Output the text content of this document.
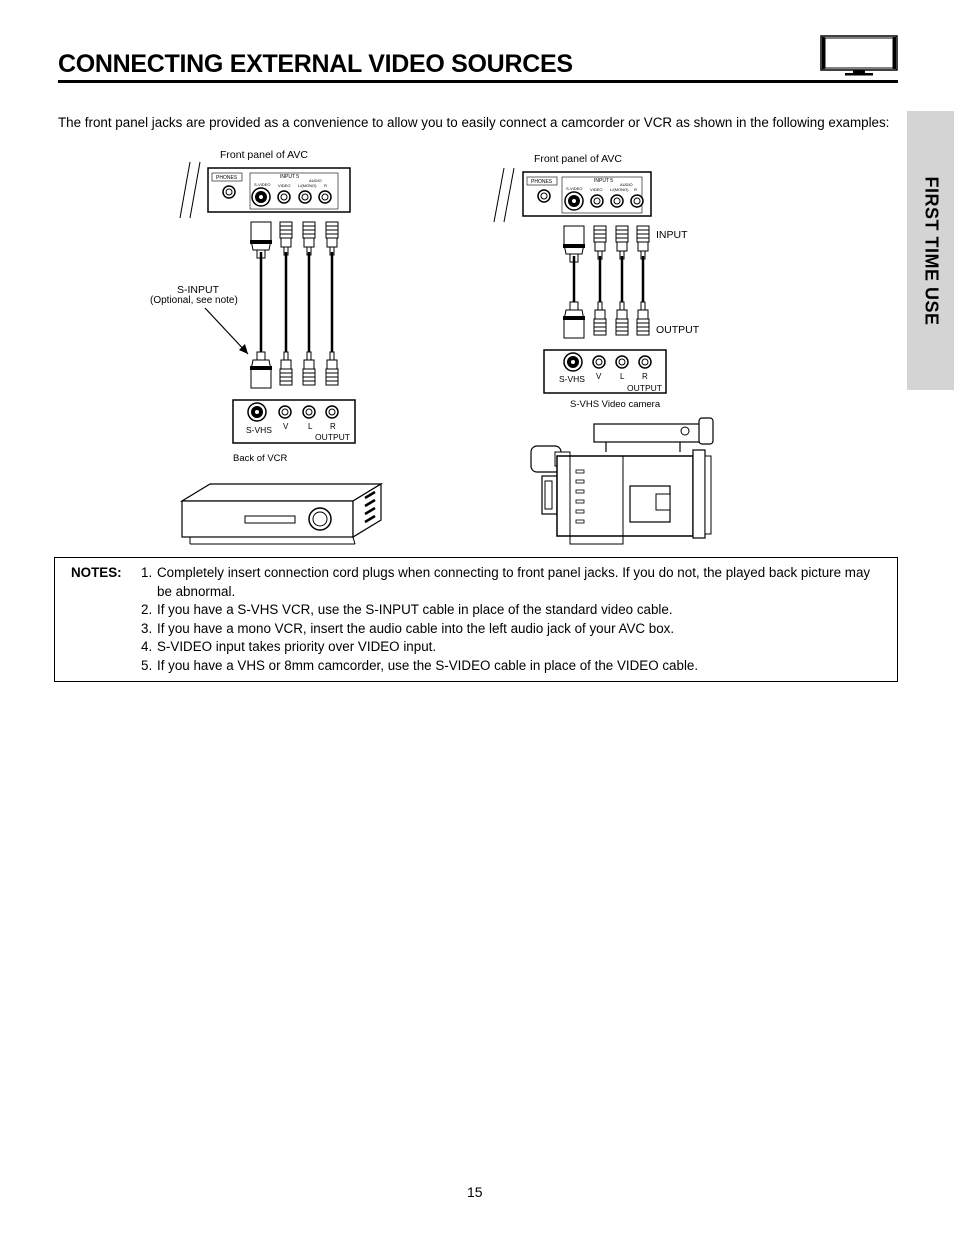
CONNECTING EXTERNAL VIDEO SOURCES
FIRST TIME USE
The front panel jacks are provided as a convenience to allow you to easily connect a camcorder or VCR as shown in the following examples:
Front panel of AVC
PHONES	INPUT 5
S-VIDEO VIDEO
AUDIO
L/(MONO) R
S-INPUT
(Optional, see note)
S-VHS V L R
OUTPUT
Back of VCR
Front panel of AVC
PHONES	INPUT 5
S-VIDEO VIDEO
AUDIO
L/(MONO) R
INPUT
OUTPUT
S-VHS V L R
OUTPUT
S-VHS Video camera
NOTES: 1. Completely insert connection cord plugs when connecting to front panel jacks. If you do not, the played back picture may be abnormal.
2. If you have a S-VHS VCR, use the S-INPUT cable in place of the standard video cable.
3. If you have a mono VCR, insert the audio cable into the left audio jack of your AVC box.
4. S-VIDEO input takes priority over VIDEO input.
5. If you have a VHS or 8mm camcorder, use the S-VIDEO cable in place of the VIDEO cable.
15
